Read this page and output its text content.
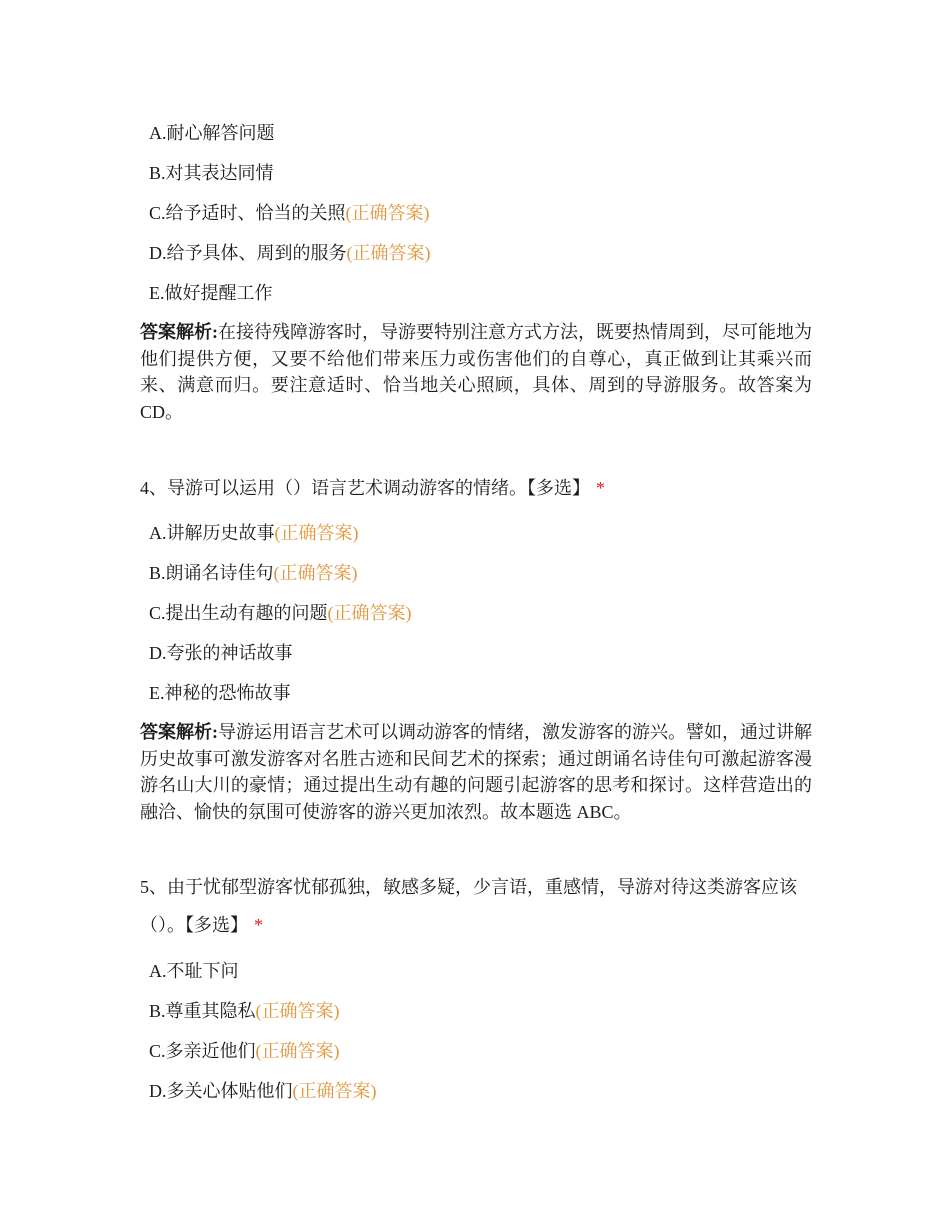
A.耐心解答问题
B.对其表达同情
C.给予适时、恰当的关照(正确答案)
D.给予具体、周到的服务(正确答案)
E.做好提醒工作
答案解析:在接待残障游客时，导游要特别注意方式方法，既要热情周到，尽可能地为他们提供方便，又要不给他们带来压力或伤害他们的自尊心，真正做到让其乘兴而来、满意而归。要注意适时、恰当地关心照顾，具体、周到的导游服务。故答案为 CD。
4、导游可以运用（）语言艺术调动游客的情绪。【多选】 *
A.讲解历史故事(正确答案)
B.朗诵名诗佳句(正确答案)
C.提出生动有趣的问题(正确答案)
D.夸张的神话故事
E.神秘的恐怖故事
答案解析:导游运用语言艺术可以调动游客的情绪，激发游客的游兴。譬如，通过讲解历史故事可激发游客对名胜古迹和民间艺术的探索；通过朗诵名诗佳句可激起游客漫游名山大川的豪情；通过提出生动有趣的问题引起游客的思考和探讨。这样营造出的融洽、愉快的氛围可使游客的游兴更加浓烈。故本题选 ABC。
5、由于忧郁型游客忧郁孤独，敏感多疑，少言语，重感情，导游对待这类游客应该（）。【多选】 *
A.不耻下问
B.尊重其隐私(正确答案)
C.多亲近他们(正确答案)
D.多关心体贴他们(正确答案)
